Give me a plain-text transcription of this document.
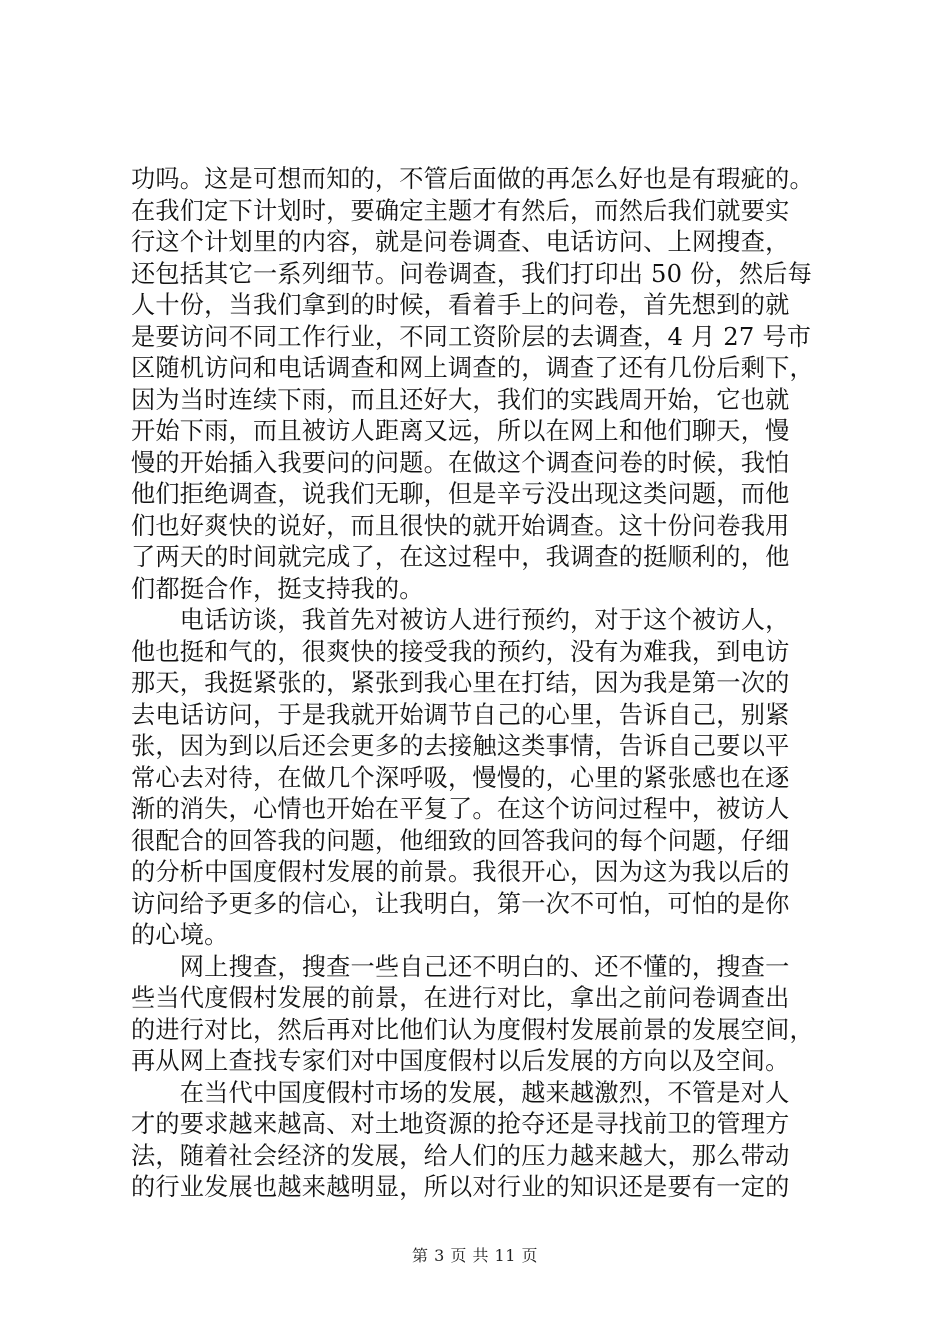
功吗。这是可想而知的，不管后面做的再怎么好也是有瑕疵的。
在我们定下计划时，要确定主题才有然后，而然后我们就要实
行这个计划里的内容，就是问卷调查、电话访问、上网搜查，
还包括其它一系列细节。问卷调查，我们打印出 50 份，然后每
人十份，当我们拿到的时候，看着手上的问卷，首先想到的就
是要访问不同工作行业，不同工资阶层的去调查，4 月 27 号市
区随机访问和电话调查和网上调查的，调查了还有几份后剩下，
因为当时连续下雨，而且还好大，我们的实践周开始，它也就
开始下雨，而且被访人距离又远，所以在网上和他们聊天，慢
慢的开始插入我要问的问题。在做这个调查问卷的时候，我怕
他们拒绝调查，说我们无聊，但是辛亏没出现这类问题，而他
们也好爽快的说好，而且很快的就开始调查。这十份问卷我用
了两天的时间就完成了，在这过程中，我调查的挺顺利的，他
们都挺合作，挺支持我的。
　　电话访谈，我首先对被访人进行预约，对于这个被访人，
他也挺和气的，很爽快的接受我的预约，没有为难我，到电访
那天，我挺紧张的，紧张到我心里在打结，因为我是第一次的
去电话访问，于是我就开始调节自己的心里，告诉自己，别紧
张，因为到以后还会更多的去接触这类事情，告诉自己要以平
常心去对待，在做几个深呼吸，慢慢的，心里的紧张感也在逐
渐的消失，心情也开始在平复了。在这个访问过程中，被访人
很配合的回答我的问题，他细致的回答我问的每个问题，仔细
的分析中国度假村发展的前景。我很开心，因为这为我以后的
访问给予更多的信心，让我明白，第一次不可怕，可怕的是你
的心境。
　　网上搜查，搜查一些自己还不明白的、还不懂的，搜查一
些当代度假村发展的前景，在进行对比，拿出之前问卷调查出
的进行对比，然后再对比他们认为度假村发展前景的发展空间，
再从网上查找专家们对中国度假村以后发展的方向以及空间。
　　在当代中国度假村市场的发展，越来越激烈，不管是对人
才的要求越来越高、对土地资源的抢夺还是寻找前卫的管理方
法，随着社会经济的发展，给人们的压力越来越大，那么带动
的行业发展也越来越明显，所以对行业的知识还是要有一定的
第 3 页 共 11 页
